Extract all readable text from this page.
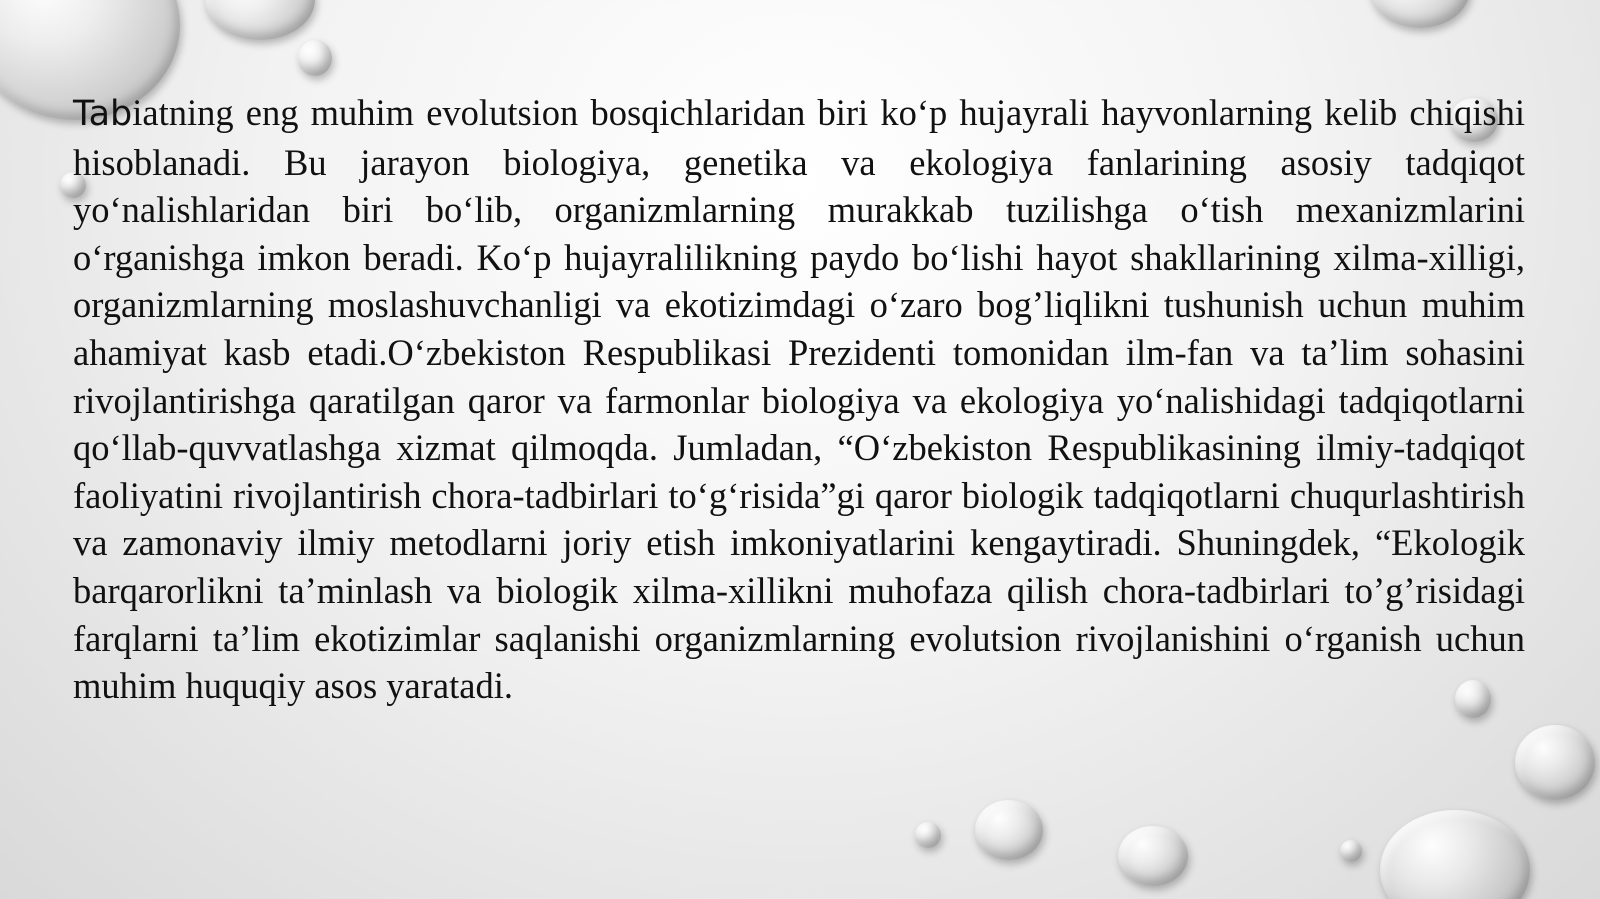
Tabiatning eng muhim evolutsion bosqichlaridan biri koʻp hujayrali hayvonlarning kelib chiqishi hisoblanadi. Bu jarayon biologiya, genetika va ekologiya fanlarining asosiy tadqiqot yoʻnalishlaridan biri boʻlib, organizmlarning murakkab tuzilishga oʻtish mexanizmlarini oʻrganishga imkon beradi. Koʻp hujayralilikning paydo boʻlishi hayot shakllarining xilma-xilligi, organizmlarning moslashuvchanligi va ekotizimdagi oʻzaro bog’liqlikni tushunish uchun muhim ahamiyat kasb etadi.Oʻzbekiston Respublikasi Prezidenti tomonidan ilm-fan va ta’lim sohasini rivojlantirishga qaratilgan qaror va farmonlar biologiya va ekologiya yoʻnalishidagi tadqiqotlarni qoʻllab-quvvatlashga xizmat qilmoqda. Jumladan, “Oʻzbekiston Respublikasining ilmiy-tadqiqot faoliyatini rivojlantirish chora-tadbirlari toʻgʻrisida”gi qaror biologik tadqiqotlarni chuqurlashtirish va zamonaviy ilmiy metodlarni joriy etish imkoniyatlarini kengaytiradi. Shuningdek, “Ekologik barqarorlikni ta’minlash va biologik xilma-xillikni muhofaza qilish chora-tadbirlari to’g’risidagi farqlarni ta’lim ekotizimlar saqlanishi organizmlarning evolutsion rivojlanishini oʻrganish uchun muhim huquqiy asos yaratadi.
